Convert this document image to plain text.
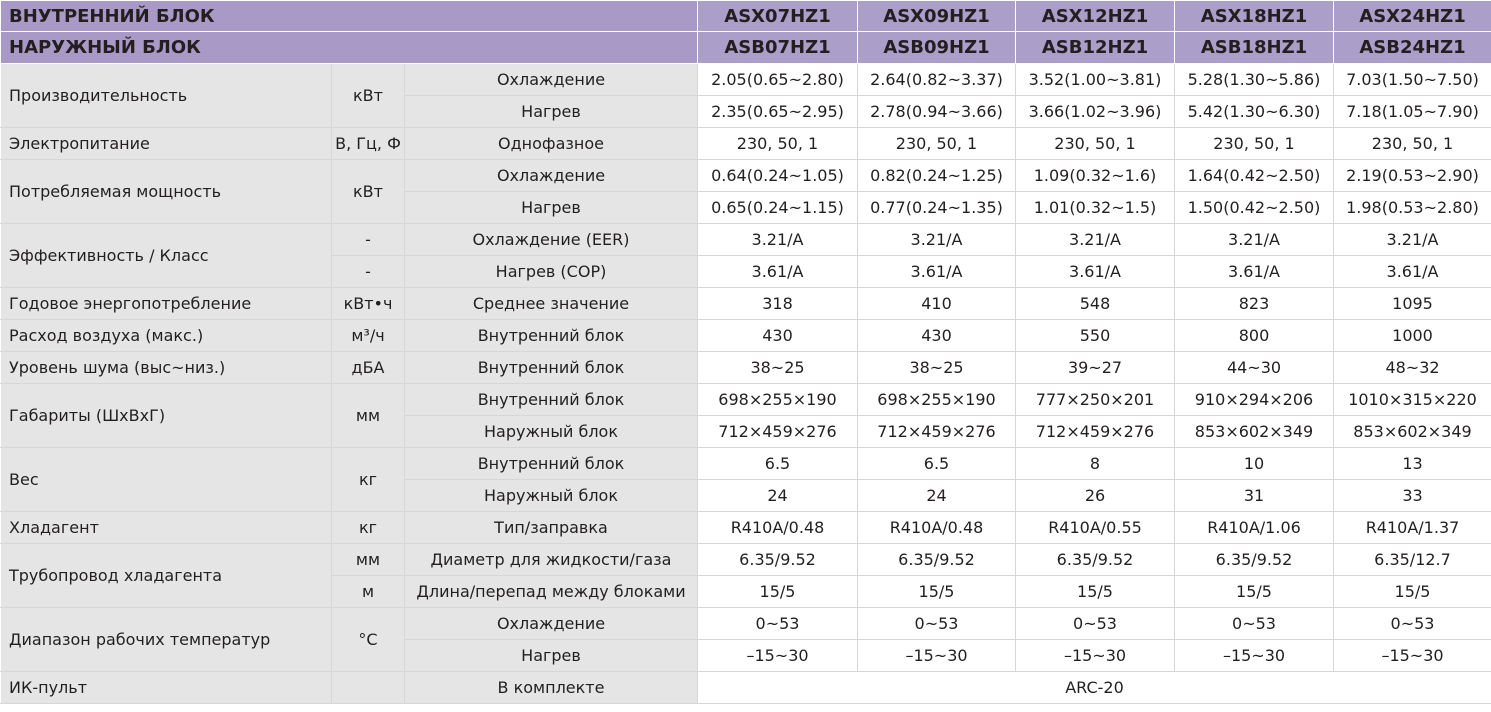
ВНУТРЕННИЙ БЛОК			ASX07HZ1	ASX09HZ1	ASX12HZ1	ASX18HZ1	ASX24HZ1
НАРУЖНЫЙ БЛОК			ASB07HZ1	ASB09HZ1	ASB12HZ1	ASB18HZ1	ASB24HZ1
Производительность	кВт	Охлаждение	2.05(0.65~2.80)	2.64(0.82~3.37)	3.52(1.00~3.81)	5.28(1.30~5.86)	7.03(1.50~7.50)
		Нагрев	2.35(0.65~2.95)	2.78(0.94~3.66)	3.66(1.02~3.96)	5.42(1.30~6.30)	7.18(1.05~7.90)
Электропитание	В, Гц, Ф	Однофазное	230, 50, 1	230, 50, 1	230, 50, 1	230, 50, 1	230, 50, 1
Потребляемая мощность	кВт	Охлаждение	0.64(0.24~1.05)	0.82(0.24~1.25)	1.09(0.32~1.6)	1.64(0.42~2.50)	2.19(0.53~2.90)
		Нагрев	0.65(0.24~1.15)	0.77(0.24~1.35)	1.01(0.32~1.5)	1.50(0.42~2.50)	1.98(0.53~2.80)
Эффективность / Класс	-	Охлаждение (EER)	3.21/A	3.21/A	3.21/A	3.21/A	3.21/A
	-	Нагрев (COP)	3.61/A	3.61/A	3.61/A	3.61/A	3.61/A
Годовое энергопотребление	кВт•ч	Среднее значение	318	410	548	823	1095
Расход воздуха (макс.)	м³/ч	Внутренний блок	430	430	550	800	1000
Уровень шума (выс~низ.)	дБА	Внутренний блок	38~25	38~25	39~27	44~30	48~32
Габариты (ШхВхГ)	мм	Внутренний блок	698×255×190	698×255×190	777×250×201	910×294×206	1010×315×220
		Наружный блок	712×459×276	712×459×276	712×459×276	853×602×349	853×602×349
Вес	кг	Внутренний блок	6.5	6.5	8	10	13
		Наружный блок	24	24	26	31	33
Хладагент	кг	Тип/заправка	R410A/0.48	R410A/0.48	R410A/0.55	R410A/1.06	R410A/1.37
Трубопровод хладагента	мм	Диаметр для жидкости/газа	6.35/9.52	6.35/9.52	6.35/9.52	6.35/9.52	6.35/12.7
	м	Длина/перепад между блоками	15/5	15/5	15/5	15/5	15/5
Диапазон рабочих температур	°C	Охлаждение	0~53	0~53	0~53	0~53	0~53
		Нагрев	–15~30	–15~30	–15~30	–15~30	–15~30
ИК-пульт		В комплекте	ARC-20				
